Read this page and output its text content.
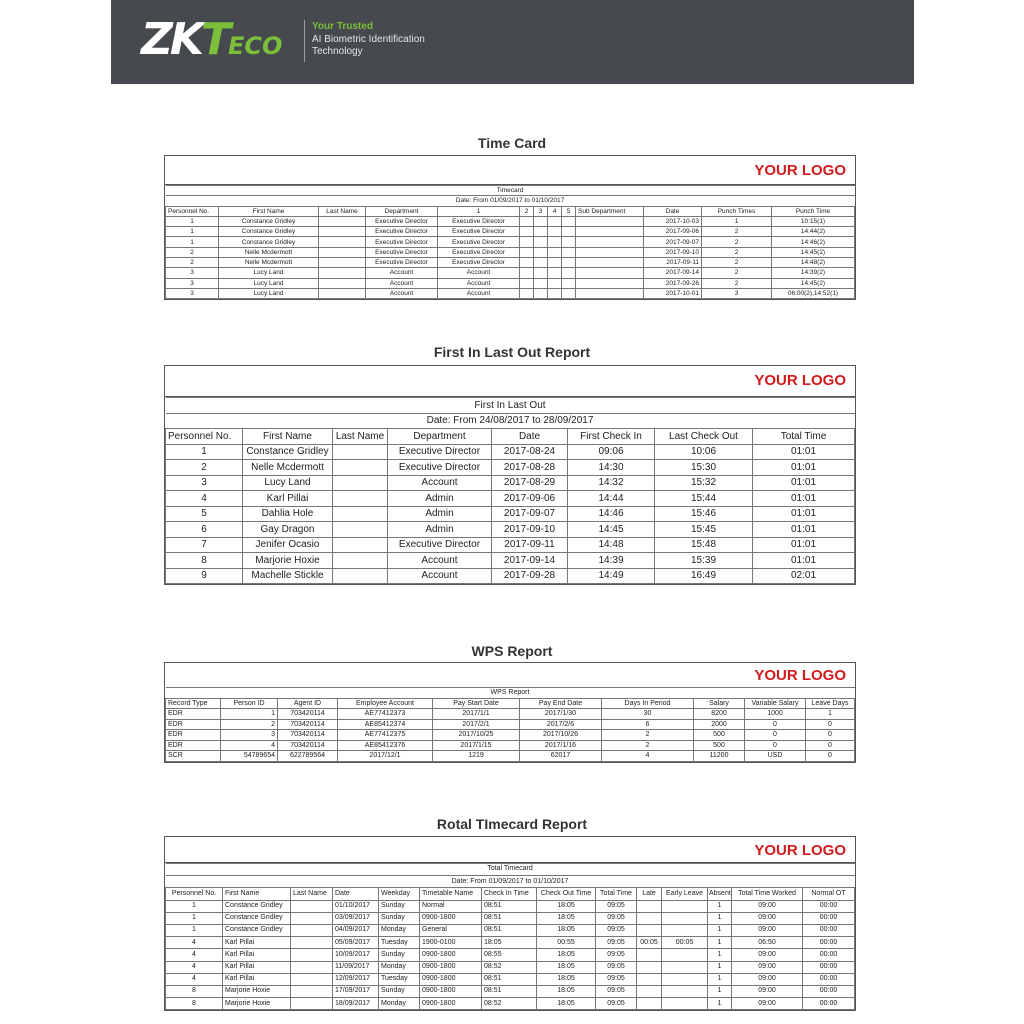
ZKTECO
Your Trusted
AI Biometric Identification
Technology
Time Card
YOUR LOGO
Timecard												
Date: From 01/09/2017 to 01/10/2017												
Personnel No.	First Name	Last Name	Department	1	2	3	4	5	Sub Department	Date	Punch Times	Punch Time
1	Constance Gridley		Executive Director	Executive Director						2017-10-03	1	10:15(1)
1	Constance Gridley		Executive Director	Executive Director						2017-09-06	2	14:44(2)
1	Constance Gridley		Executive Director	Executive Director						2017-09-07	2	14:46(2)
2	Nelle Mcdermott		Executive Director	Executive Director						2017-09-10	2	14:45(2)
2	Nelle Mcdermott		Executive Director	Executive Director						2017-09-11	2	14:48(2)
3	Lucy Land		Account	Account						2017-09-14	2	14:39(2)
3	Lucy Land		Account	Account						2017-09-26	2	14:45(2)
3	Lucy Land		Account	Account						2017-10-01	3	06:00(2),14:52(1)
First In Last Out Report
YOUR LOGO
First In Last Out							
Date: From 24/08/2017 to 28/09/2017							
Personnel No.	First Name	Last Name	Department	Date	First Check In	Last Check Out	Total Time
1	Constance Gridley		Executive Director	2017-08-24	09:06	10:06	01:01
2	Nelle Mcdermott		Executive Director	2017-08-28	14:30	15:30	01:01
3	Lucy Land		Account	2017-08-29	14:32	15:32	01:01
4	Karl Pillai		Admin	2017-09-06	14:44	15:44	01:01
5	Dahlia Hole		Admin	2017-09-07	14:46	15:46	01:01
6	Gay Dragon		Admin	2017-09-10	14:45	15:45	01:01
7	Jenifer Ocasio		Executive Director	2017-09-11	14:48	15:48	01:01
8	Marjorie Hoxie		Account	2017-09-14	14:39	15:39	01:01
9	Machelle Stickle		Account	2017-09-28	14:49	16:49	02:01
WPS Report
YOUR LOGO
WPS Report									
Record Type	Person ID	Agent ID	Employee Account	Pay Start Date	Pay End Date	Days In Period	Salary	Variable Salary	Leave Days
EDR	1	703420114	AE77412373	2017/1/1	2017/1/30	30	8200	1000	1
EDR	2	703420114	AE85412374	2017/2/1	2017/2/6	6	2000	0	0
EDR	3	703420114	AE77412375	2017/10/25	2017/10/26	2	500	0	0
EDR	4	703420114	AE85412376	2017/1/15	2017/1/16	2	500	0	0
SCR	54789654	622789564	2017/12/1	1219	62017	4	11200	USD	0
Rotal TImecard Report
YOUR LOGO
Total Timecard													
Date: From 01/09/2017 to 01/10/2017													
Personnel No.	First Name	Last Name	Date	Weekday	Timetable Name	Check In Time	Check Out Time	Total Time	Late	Early Leave	Absent	Total Time Worked	Normal OT
1	Constance Gridley		01/10/2017	Sunday	Normal	08:51	18:05	09:05			1	09:00	00:00
1	Constance Gridley		03/09/2017	Sunday	0900-1800	08:51	18:05	09:05			1	09:00	00:00
1	Constance Gridley		04/09/2017	Monday	General	08:51	18:05	09:05			1	09:00	00:00
4	Karl Pillai		05/09/2017	Tuesday	1900-0100	18:05	00:55	09:05	00:05	00:05	1	06:50	00:00
4	Karl Pillai		10/09/2017	Sunday	0900-1800	08:55	18:05	09:05			1	09:00	00:00
4	Karl Pillai		11/09/2017	Monday	0900-1800	08:52	18:05	09:05			1	09:00	00:00
4	Karl Pillai		12/09/2017	Tuesday	0900-1800	08:51	18:05	09:05			1	09:00	00:00
8	Marjorie Hoxie		17/09/2017	Sunday	0900-1800	08:51	18:05	09:05			1	09:00	00:00
8	Marjorie Hoxie		18/09/2017	Monday	0900-1800	08:52	18:05	09:05			1	09:00	00:00
